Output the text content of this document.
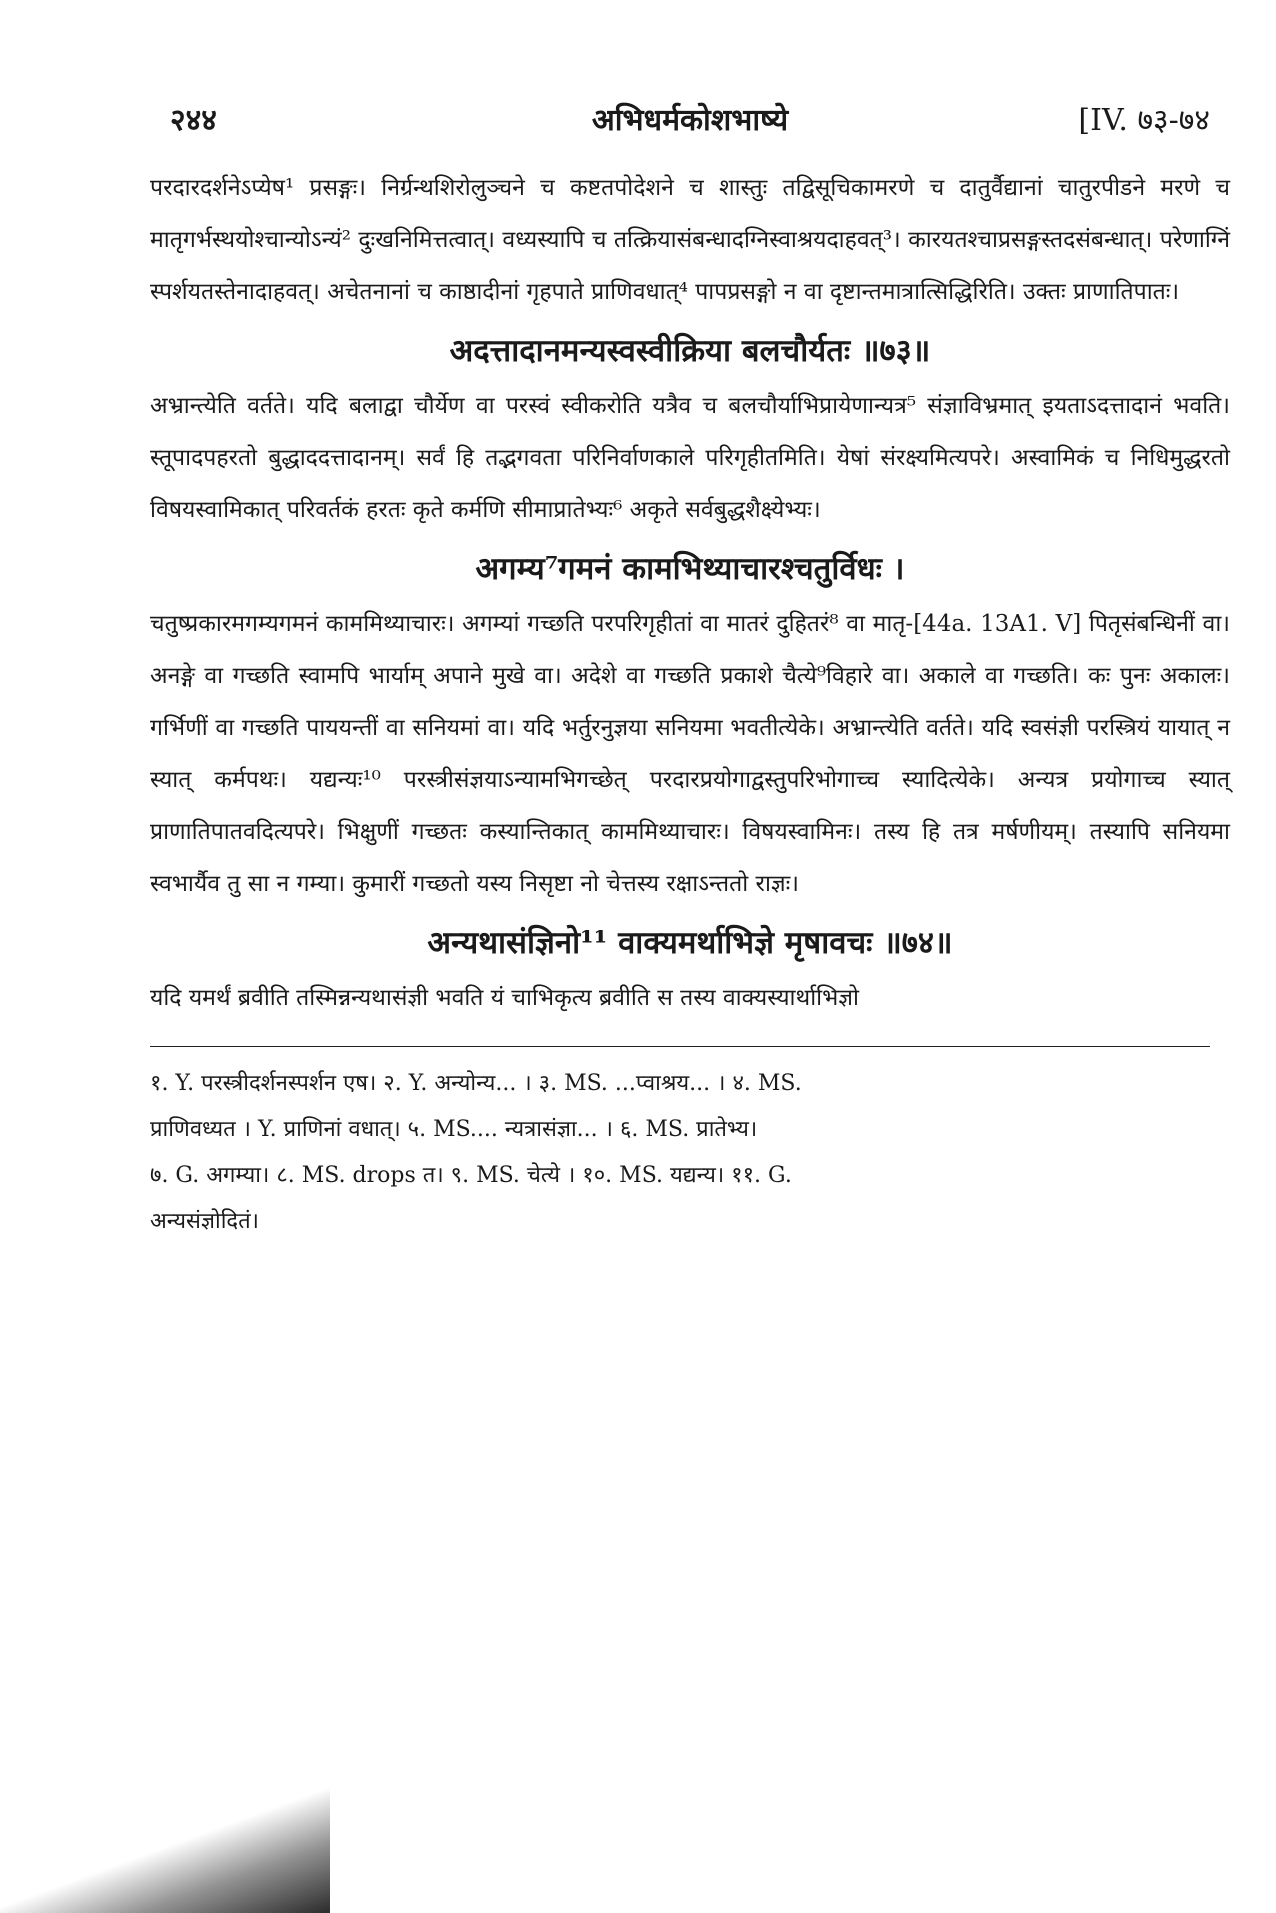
२४४	अभिधर्मकोशभाष्ये	[IV. ७३-७४

परदारदर्शनेऽप्येष¹ प्रसङ्गः। निर्ग्रन्थशिरोलुञ्चने च कष्टतपोदेशने च शास्तुः तद्विसूचिकामरणे च दातुर्वैद्यानां चातुरपीडने मरणे च मातृगर्भस्थयोश्चान्योऽन्यं² दुःखनिमित्तत्वात्। वध्यस्यापि च तत्क्रियासंबन्धादग्निस्वाश्रयदाहवत्³। कारयतश्चाप्रसङ्गस्तदसंबन्धात्। परेणाग्निं स्पर्शयतस्तेनादाहवत्। अचेतनानां च काष्ठादीनां गृहपाते प्राणिवधात्⁴ पापप्रसङ्गो न वा दृष्टान्तमात्रात्सिद्धिरिति। उक्तः प्राणातिपातः।

अदत्तादानमन्यस्वस्वीक्रिया बलचौर्यतः ॥७३॥

अभ्रान्त्येति वर्तते। यदि बलाद्वा चौर्येण वा परस्वं स्वीकरोति यत्रैव च बलचौर्याभिप्रायेणान्यत्र⁵ संज्ञाविभ्रमात् इयताऽदत्तादानं भवति। स्तूपादपहरतो बुद्धाददत्तादानम्। सर्वं हि तद्भगवता परिनिर्वाणकाले परिगृहीतमिति। येषां संरक्ष्यमित्यपरे। अस्वामिकं च निधिमुद्धरतो विषयस्वामिकात् परिवर्तकं हरतः कृते कर्मणि सीमाप्रातेभ्यः⁶ अकृते सर्वबुद्धशैक्ष्येभ्यः।

अगम्य⁷गमनं कामभिथ्याचारश्चतुर्विधः ।

चतुष्प्रकारमगम्यगमनं काममिथ्याचारः। अगम्यां गच्छति परपरिगृहीतां वा मातरं दुहितरं⁸ वा मातृ-[44a. 13A1. V] पितृसंबन्धिनीं वा। अनङ्गे वा गच्छति स्वामपि भार्याम् अपाने मुखे वा। अदेशे वा गच्छति प्रकाशे चैत्ये⁹विहारे वा। अकाले वा गच्छति। कः पुनः अकालः। गर्भिणीं वा गच्छति पाययन्तीं वा सनियमां वा। यदि भर्तुरनुज्ञया सनियमा भवतीत्येके। अभ्रान्त्येति वर्तते। यदि स्वसंज्ञी परस्त्रियं यायात् न स्यात् कर्मपथः। यद्यन्यः¹⁰ परस्त्रीसंज्ञयाऽन्यामभिगच्छेत् परदारप्रयोगाद्वस्तुपरिभोगाच्च स्यादित्येके। अन्यत्र प्रयोगाच्च स्यात् प्राणातिपातवदित्यपरे। भिक्षुणीं गच्छतः कस्यान्तिकात् काममिथ्याचारः। विषयस्वामिनः। तस्य हि तत्र मर्षणीयम्। तस्यापि सनियमा स्वभार्यैव तु सा न गम्या। कुमारीं गच्छतो यस्य निसृष्टा नो चेत्तस्य रक्षाऽन्ततो राज्ञः।

अन्यथासंज्ञिनो¹¹ वाक्यमर्थाभिज्ञे मृषावचः ॥७४॥

यदि यमर्थं ब्रवीति तस्मिन्नन्यथासंज्ञी भवति यं चाभिकृत्य ब्रवीति स तस्य वाक्यस्यार्थाभिज्ञो

१. Y. परस्त्रीदर्शनस्पर्शन एष। २. Y. अन्योन्य... । ३. MS. ...प्वाश्रय... । ४. MS.
प्राणिवध्यत । Y. प्राणिनां वधात्। ५. MS.... न्यत्रासंज्ञा... । ६. MS. प्रातेभ्य।
७. G. अगम्या। ८. MS. drops त। ९. MS. चेत्ये । १०. MS. यद्यन्य। ११. G.
अन्यसंज्ञोदितं।
